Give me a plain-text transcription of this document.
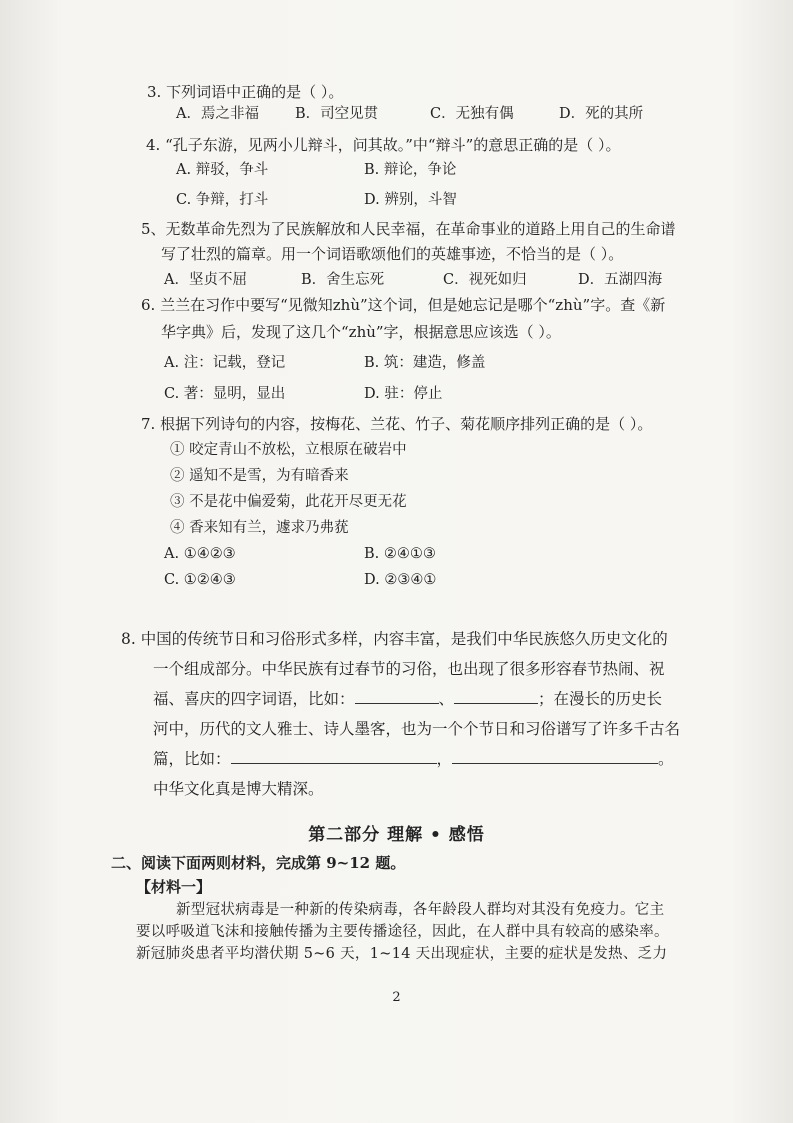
3. 下列词语中正确的是（ ）。
A．焉之非福 B．司空见贯	C．无独有偶	D．死的其所
4. “孔子东游，见两小儿辩斗，问其故。”中“辩斗”的意思正确的是（ ）。
A. 辩驳，争斗	B. 辩论，争论
C. 争辩，打斗	D. 辨别，斗智
5、无数革命先烈为了民族解放和人民幸福，在革命事业的道路上用自己的生命谱
写了壮烈的篇章。用一个词语歌颂他们的英雄事迹，不恰当的是（ ）。
A．坚贞不屈	B．舍生忘死	C．视死如归	D．五湖四海
6. 兰兰在习作中要写“见微知zhù”这个词，但是她忘记是哪个“zhù”字。查《新
华字典》后，发现了这几个“zhù”字，根据意思应该选（ ）。
A. 注：记载，登记	B. 筑：建造，修盖
C. 著：显明，显出	D. 驻：停止
7. 根据下列诗句的内容，按梅花、兰花、竹子、菊花顺序排列正确的是（ ）。
① 咬定青山不放松，立根原在破岩中
② 遥知不是雪，为有暗香来
③ 不是花中偏爱菊，此花开尽更无花
④ 香来知有兰，遽求乃弗莸
A. ①④②③	B. ②④①③
C. ①②④③	D. ②③④①
8. 中国的传统节日和习俗形式多样，内容丰富，是我们中华民族悠久历史文化的
一个组成部分。中华民族有过春节的习俗，也出现了很多形容春节热闹、祝
福、喜庆的四字词语，比如：	、	；在漫长的历史长
河中，历代的文人雅士、诗人墨客，也为一个个节日和习俗谱写了许多千古名
篇，比如：	，	。
中华文化真是博大精深。
第二部分 理解 • 感悟
二、阅读下面两则材料，完成第 9~12 题。
【材料一】
新型冠状病毒是一种新的传染病毒，各年龄段人群均对其没有免疫力。它主
要以呼吸道飞沫和接触传播为主要传播途径，因此，在人群中具有较高的感染率。
新冠肺炎患者平均潜伏期 5~6 天，1~14 天出现症状，主要的症状是发热、乏力
2
